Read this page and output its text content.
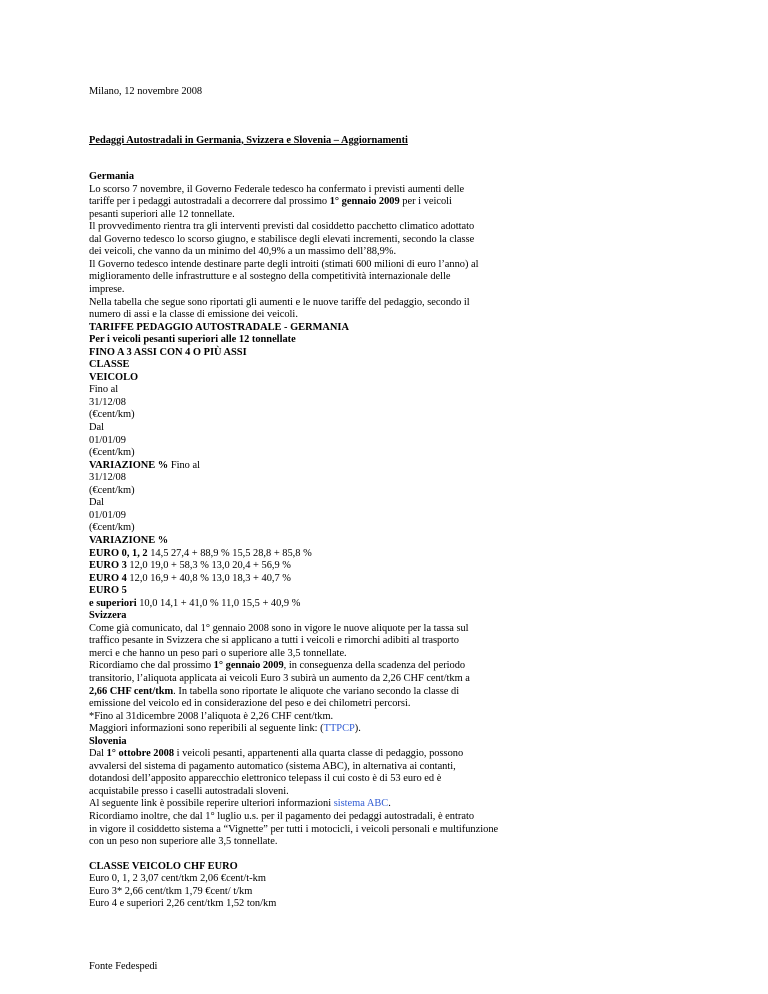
Milano, 12 novembre 2008
Pedaggi Autostradali in Germania, Svizzera e Slovenia – Aggiornamenti
Germania
Lo scorso 7 novembre, il Governo Federale tedesco ha confermato i previsti aumenti delle
tariffe per i pedaggi autostradali a decorrere dal prossimo 1° gennaio 2009 per i veicoli
pesanti superiori alle 12 tonnellate.
Il provvedimento rientra tra gli interventi previsti dal cosiddetto pacchetto climatico adottato
dal Governo tedesco lo scorso giugno, e stabilisce degli elevati incrementi, secondo la classe
dei veicoli, che vanno da un minimo del 40,9% a un massimo dell’88,9%.
Il Governo tedesco intende destinare parte degli introiti (stimati 600 milioni di euro l’anno) al
miglioramento delle infrastrutture e al sostegno della competitività internazionale delle
imprese.
Nella tabella che segue sono riportati gli aumenti e le nuove tariffe del pedaggio, secondo il
numero di assi e la classe di emissione dei veicoli.
TARIFFE PEDAGGIO AUTOSTRADALE - GERMANIA
Per i veicoli pesanti superiori alle 12 tonnellate
FINO A 3 ASSI CON 4 O PIÙ ASSI
CLASSE
VEICOLO
Fino al
31/12/08
(€cent/km)
Dal
01/01/09
(€cent/km)
VARIAZIONE % Fino al
31/12/08
(€cent/km)
Dal
01/01/09
(€cent/km)
VARIAZIONE %
EURO 0, 1, 2 14,5 27,4 + 88,9 % 15,5 28,8 + 85,8 %
EURO 3 12,0 19,0 + 58,3 % 13,0 20,4 + 56,9 %
EURO 4 12,0 16,9 + 40,8 % 13,0 18,3 + 40,7 %
EURO 5
e superiori 10,0 14,1 + 41,0 % 11,0 15,5 + 40,9 %
Svizzera
Come già comunicato, dal 1° gennaio 2008 sono in vigore le nuove aliquote per la tassa sul
traffico pesante in Svizzera che si applicano a tutti i veicoli e rimorchi adibiti al trasporto
merci e che hanno un peso pari o superiore alle 3,5 tonnellate.
Ricordiamo che dal prossimo 1° gennaio 2009, in conseguenza della scadenza del periodo
transitorio, l’aliquota applicata ai veicoli Euro 3 subirà un aumento da 2,26 CHF cent/tkm a
2,66 CHF cent/tkm. In tabella sono riportate le aliquote che variano secondo la classe di
emissione del veicolo ed in considerazione del peso e dei chilometri percorsi.
*Fino al 31dicembre 2008 l’aliquota è 2,26 CHF cent/tkm.
Maggiori informazioni sono reperibili al seguente link: (TTPCP).
Slovenia
Dal 1° ottobre 2008 i veicoli pesanti, appartenenti alla quarta classe di pedaggio, possono
avvalersi del sistema di pagamento automatico (sistema ABC), in alternativa ai contanti,
dotandosi dell’apposito apparecchio elettronico telepass il cui costo è di 53 euro ed è
acquistabile presso i caselli autostradali sloveni.
Al seguente link è possibile reperire ulteriori informazioni sistema ABC.
Ricordiamo inoltre, che dal 1° luglio u.s. per il pagamento dei pedaggi autostradali, è entrato
in vigore il cosiddetto sistema a “Vignette” per tutti i motocicli, i veicoli personali e multifunzione
con un peso non superiore alle 3,5 tonnellate.
CLASSE VEICOLO CHF EURO
Euro 0, 1, 2 3,07 cent/tkm 2,06 €cent/t-km
Euro 3* 2,66 cent/tkm 1,79 €cent/ t/km
Euro 4 e superiori 2,26 cent/tkm 1,52 ton/km
Fonte Fedespedi
